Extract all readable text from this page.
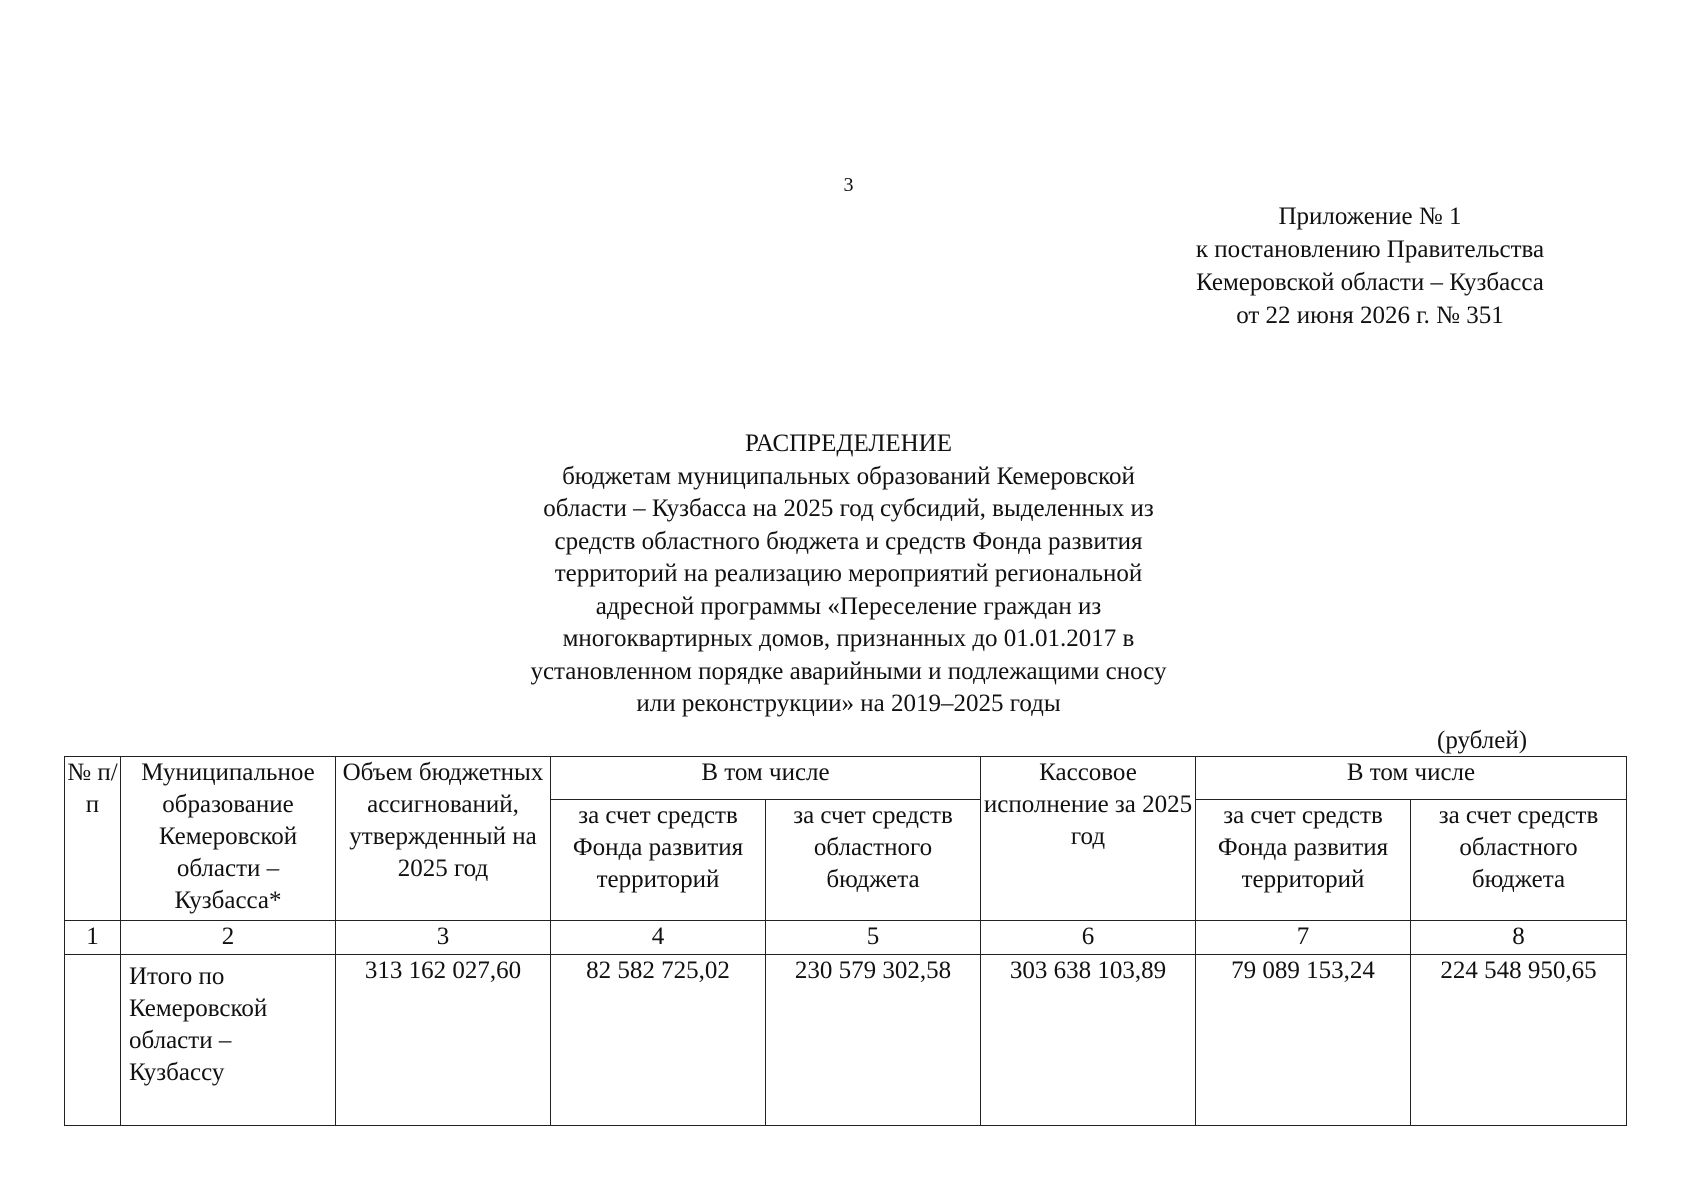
3
Приложение № 1
к постановлению Правительства
Кемеровской области – Кузбасса
от 22 июня 2026 г. № 351
РАСПРЕДЕЛЕНИЕ
бюджетам муниципальных образований Кемеровской
области – Кузбасса на 2025 год субсидий, выделенных из
средств областного бюджета и средств Фонда развития
территорий на реализацию мероприятий региональной
адресной программы «Переселение граждан из
многоквартирных домов, признанных до 01.01.2017 в
установленном порядке аварийными и подлежащими сносу
или реконструкции» на 2019–2025 годы
(рублей)
№ п/п	Муниципальное образование Кемеровской области – Кузбасса*	Объем бюджетных ассигнований, утвержденный на 2025 год	В том числе		Кассовое исполнение за 2025 год	В том числе	
			за счет средств Фонда развития территорий	за счет средств областного бюджета		за счет средств Фонда развития территорий	за счет средств областного бюджета
1	2	3	4	5	6	7	8
	Итого по Кемеровской области – Кузбассу	313 162 027,60	82 582 725,02	230 579 302,58	303 638 103,89	79 089 153,24	224 548 950,65
